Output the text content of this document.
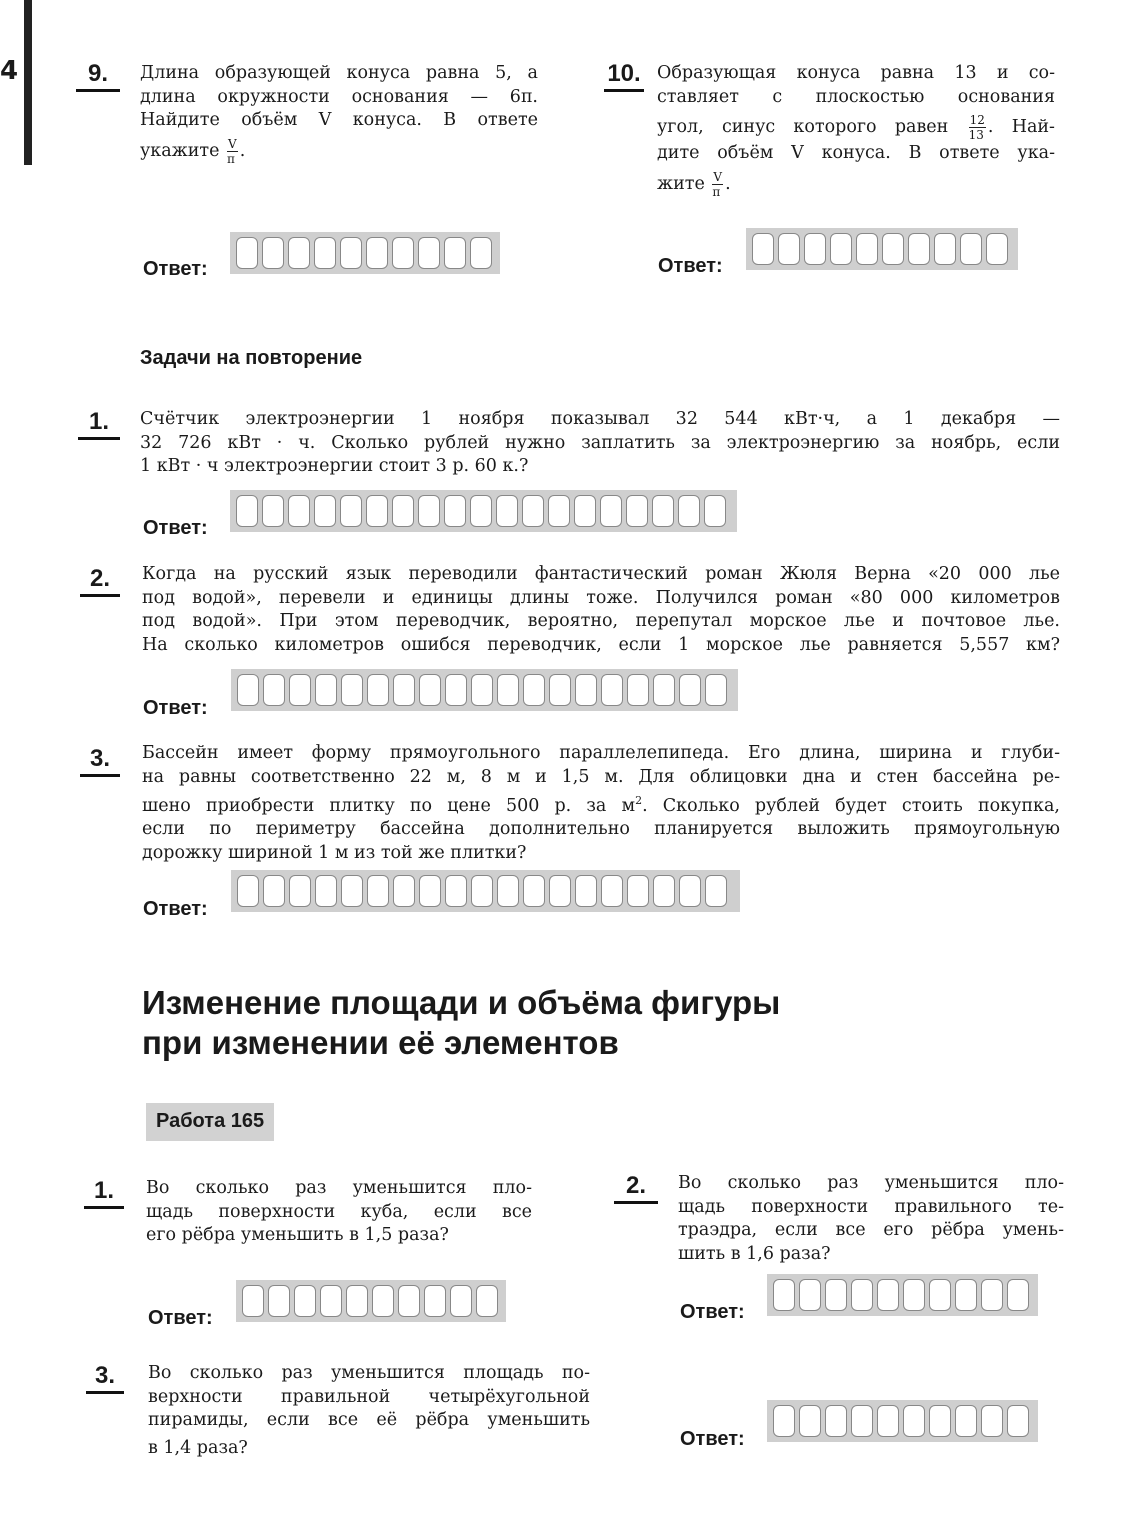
4	9.	Длина образующей конуса равна 5, а
длина окружности основания — 6π.
Найдите объём V конуса. В ответе
укажите $\frac{V}{\pi}$ .
Ответ:
10. Образующая конуса равна 13 и со-
ставляет с плоскостью основания
угол, синус которого равен $\frac{12}{13}$ . Най-
дите объём V конуса. В ответе ука-
жите $\frac{V}{\pi}$ .
Ответ:
Задачи на повторение
1.	Счётчик электроэнергии 1 ноября показывал 32 544 кВт·ч, а 1 декабря —
32 726 кВт · ч. Сколько рублей нужно заплатить за электроэнергию за ноябрь, если
1 кВт · ч электроэнергии стоит 3 р. 60 к.?
Ответ:
2.	Когда на русский язык переводили фантастический роман Жюля Верна «20 000 лье
под водой», перевели и единицы длины тоже. Получился роман «80 000 километров
под водой». При этом переводчик, вероятно, перепутал морское лье и почтовое лье.
На сколько километров ошибся переводчик, если 1 морское лье равняется 5,557 км?
Ответ:
3.	Бассейн имеет форму прямоугольного параллелепипеда. Его длина, ширина и глуби-
на равны соответственно 22 м, 8 м и 1,5 м. Для облицовки дна и стен бассейна ре-
шено приобрести плитку по цене 500 р. за $м^2$. Сколько рублей будет стоить покупка,
если по периметру бассейна дополнительно планируется выложить прямоугольную
дорожку шириной 1 м из той же плитки?
Ответ:
Изменение площади и объёма фигуры
при изменении её элементов
Работа 165
1.	Во сколько раз уменьшится пло-
щадь поверхности куба, если все
его рёбра уменьшить в 1,5 раза?
Ответ:
2.	Во сколько раз уменьшится пло-
щадь поверхности правильного те-
траэдра, если все его рёбра умень-
шить в 1,6 раза?
Ответ:
3.	Во сколько раз уменьшится площадь по-
верхности правильной четырёхугольной
пирамиды, если все её рёбра уменьшить
в 1,4 раза?	Ответ:
